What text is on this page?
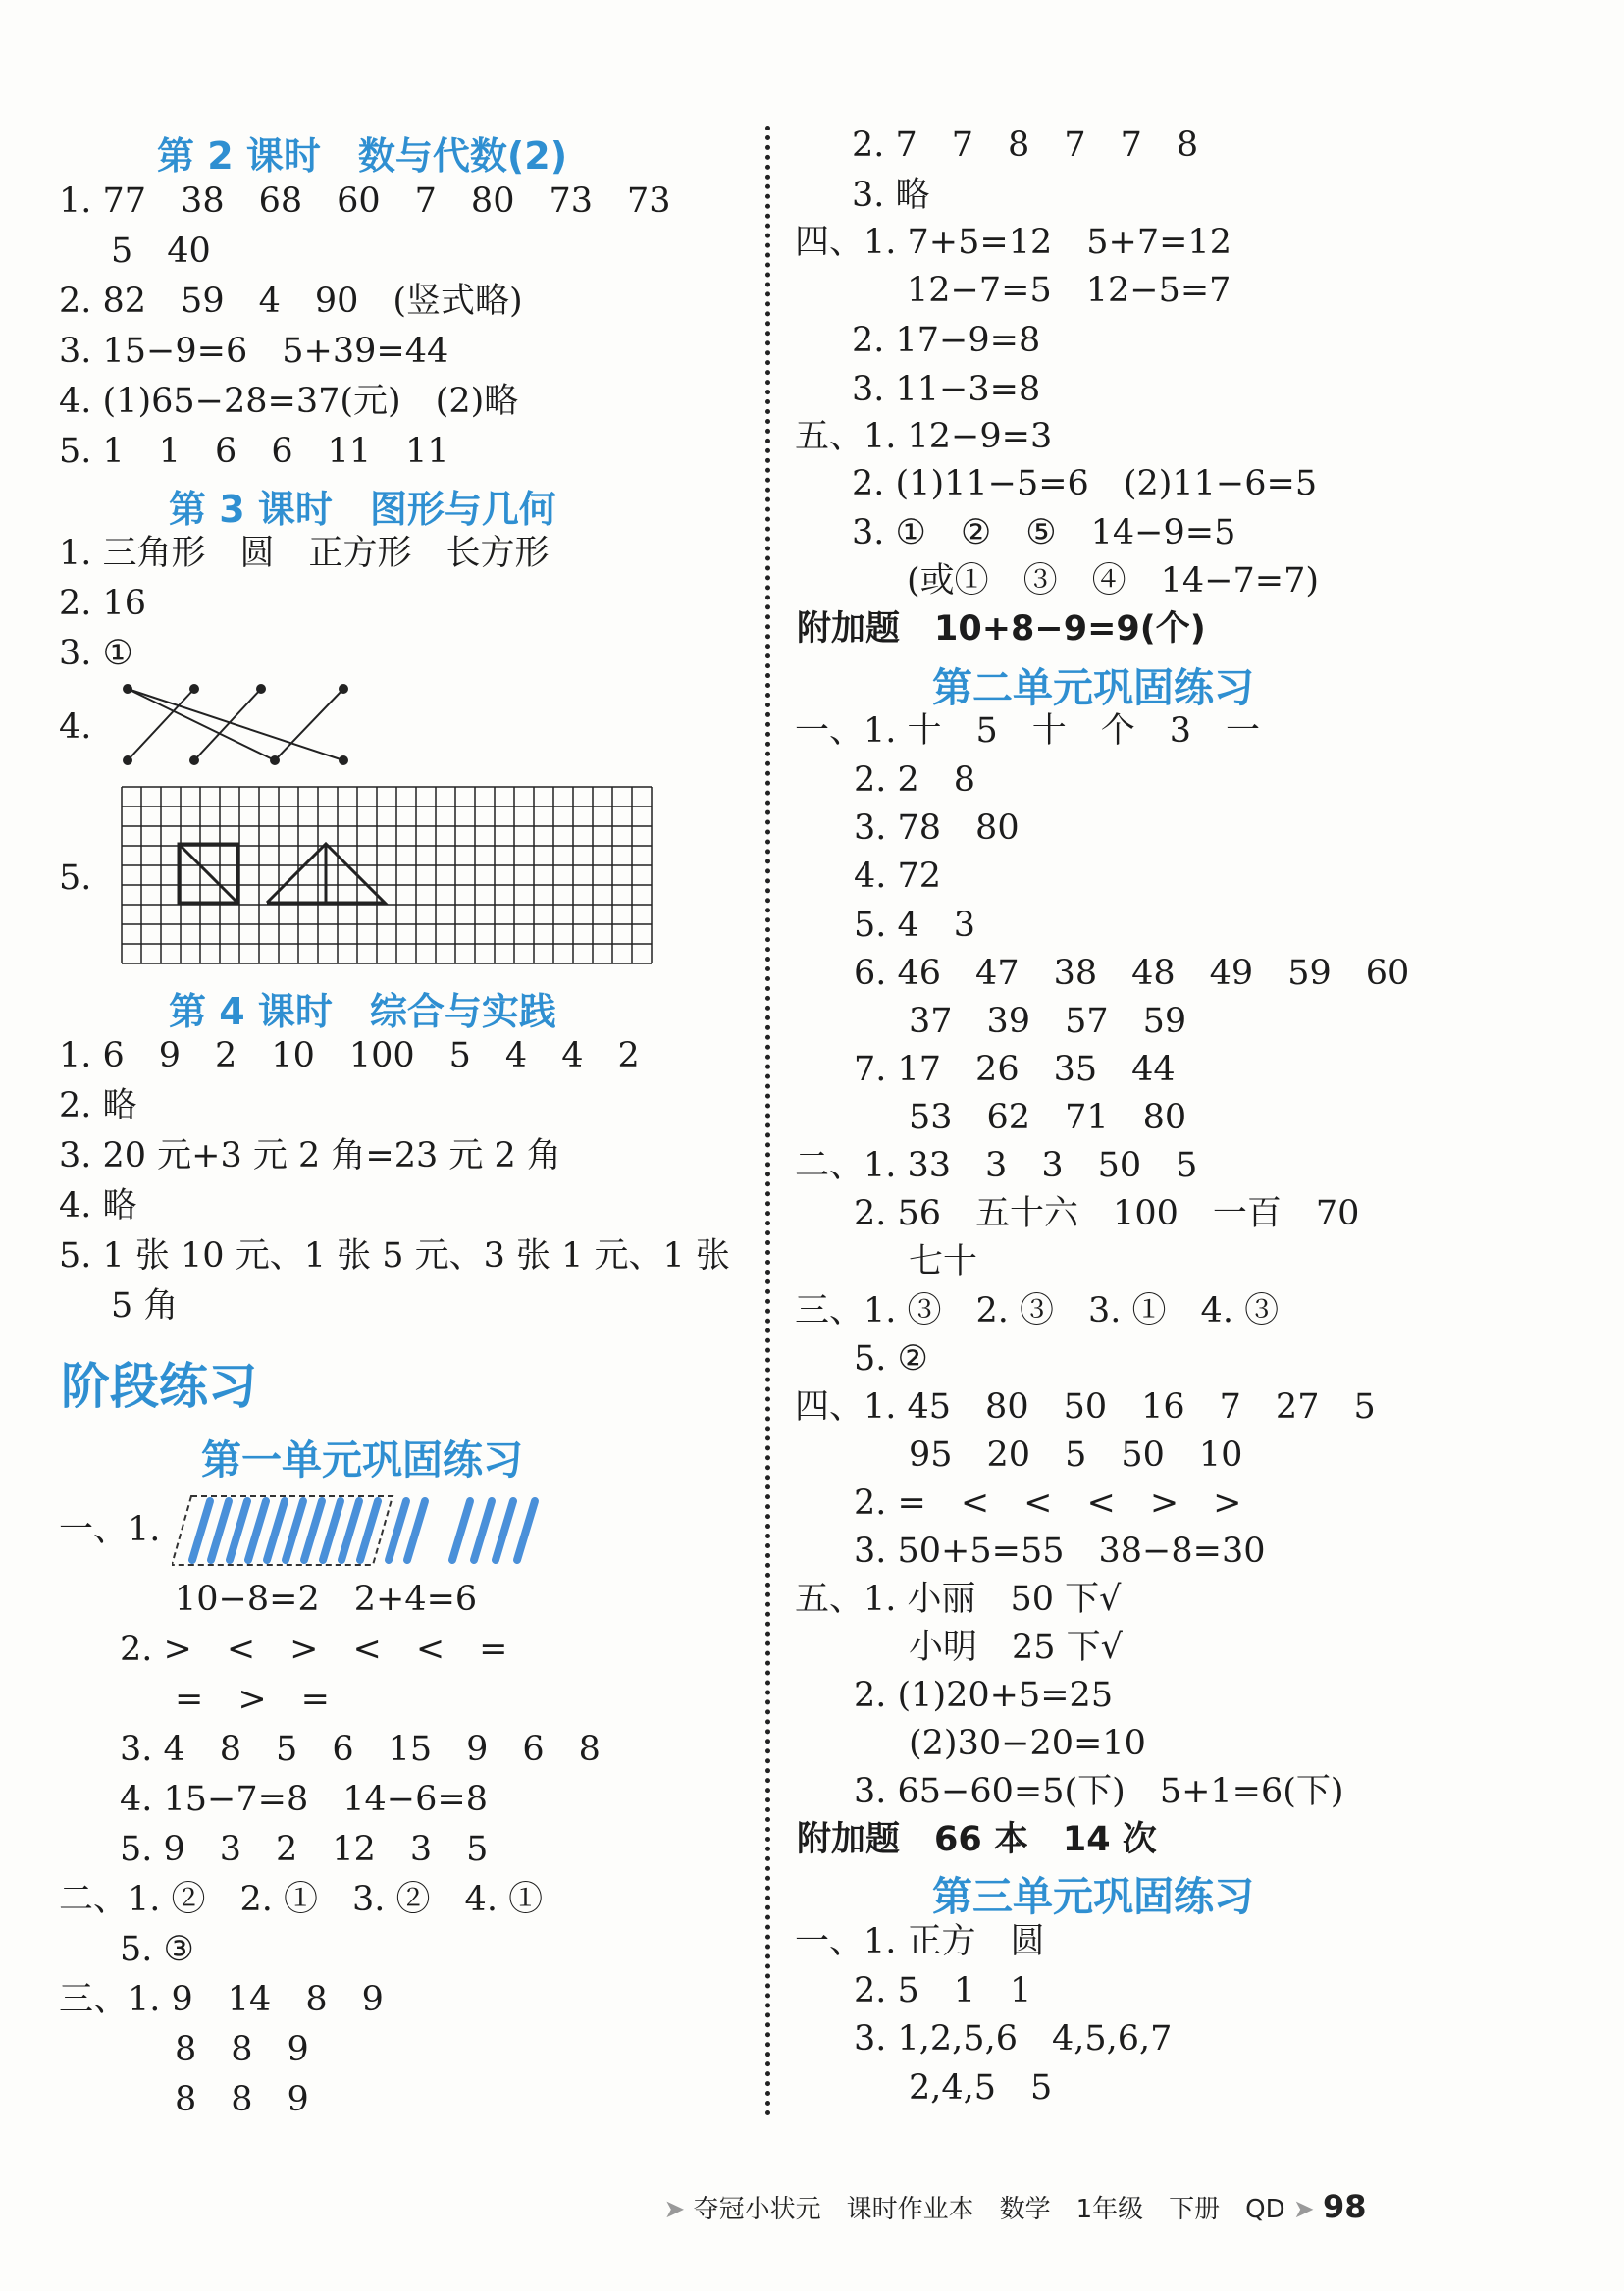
第 2 课时　数与代数(2)
1. 77　38　68　60　7　80　73　73
5　40
2. 82　59　4　90　(竖式略)
3. 15−9=6　5+39=44
4. (1)65−28=37(元)　(2)略
5. 1　1　6　6　11　11
第 3 课时　图形与几何
1. 三角形　圆　正方形　长方形
2. 16
3. ①
4.
5.
第 4 课时　综合与实践
1. 6　9　2　10　100　5　4　4　2
2. 略
3. 20 元+3 元 2 角=23 元 2 角
4. 略
5. 1 张 10 元、1 张 5 元、3 张 1 元、1 张
5 角
阶段练习
第一单元巩固练习
一、1.
10−8=2　2+4=6
2. >　<　>　<　<　=
=　>　=
3. 4　8　5　6　15　9　6　8
4. 15−7=8　14−6=8
5. 9　3　2　12　3　5
二、1. ②　2. ①　3. ②　4. ①
5. ③
三、1. 9　14　8　9
8　8　9
8　8　9
2. 7　7　8　7　7　8
3. 略
四、1. 7+5=12　5+7=12
12−7=5　12−5=7
2. 17−9=8
3. 11−3=8
五、1. 12−9=3
2. (1)11−5=6　(2)11−6=5
3. ①　②　⑤　14−9=5
(或①　③　④　14−7=7)
附加题　10+8−9=9(个)
第二单元巩固练习
一、1. 十　5　十　个　3　一
2. 2　8
3. 78　80
4. 72
5. 4　3
6. 46　47　38　48　49　59　60
37　39　57　59
7. 17　26　35　44
53　62　71　80
二、1. 33　3　3　50　5
2. 56　五十六　100　一百　70
七十
三、1. ③　2. ③　3. ①　4. ③
5. ②
四、1. 45　80　50　16　7　27　5
95　20　5　50　10
2. =　<　<　<　>　>
3. 50+5=55　38−8=30
五、1. 小丽　50 下√
小明　25 下√
2. (1)20+5=25
(2)30−20=10
3. 65−60=5(下)　5+1=6(下)
附加题　66 本　14 次
第三单元巩固练习
一、1. 正方　圆
2. 5　1　1
3. 1,2,5,6　4,5,6,7
2,4,5　5

➤ 夺冠小状元　课时作业本　数学　1年级　下册　QD ➤ 98
